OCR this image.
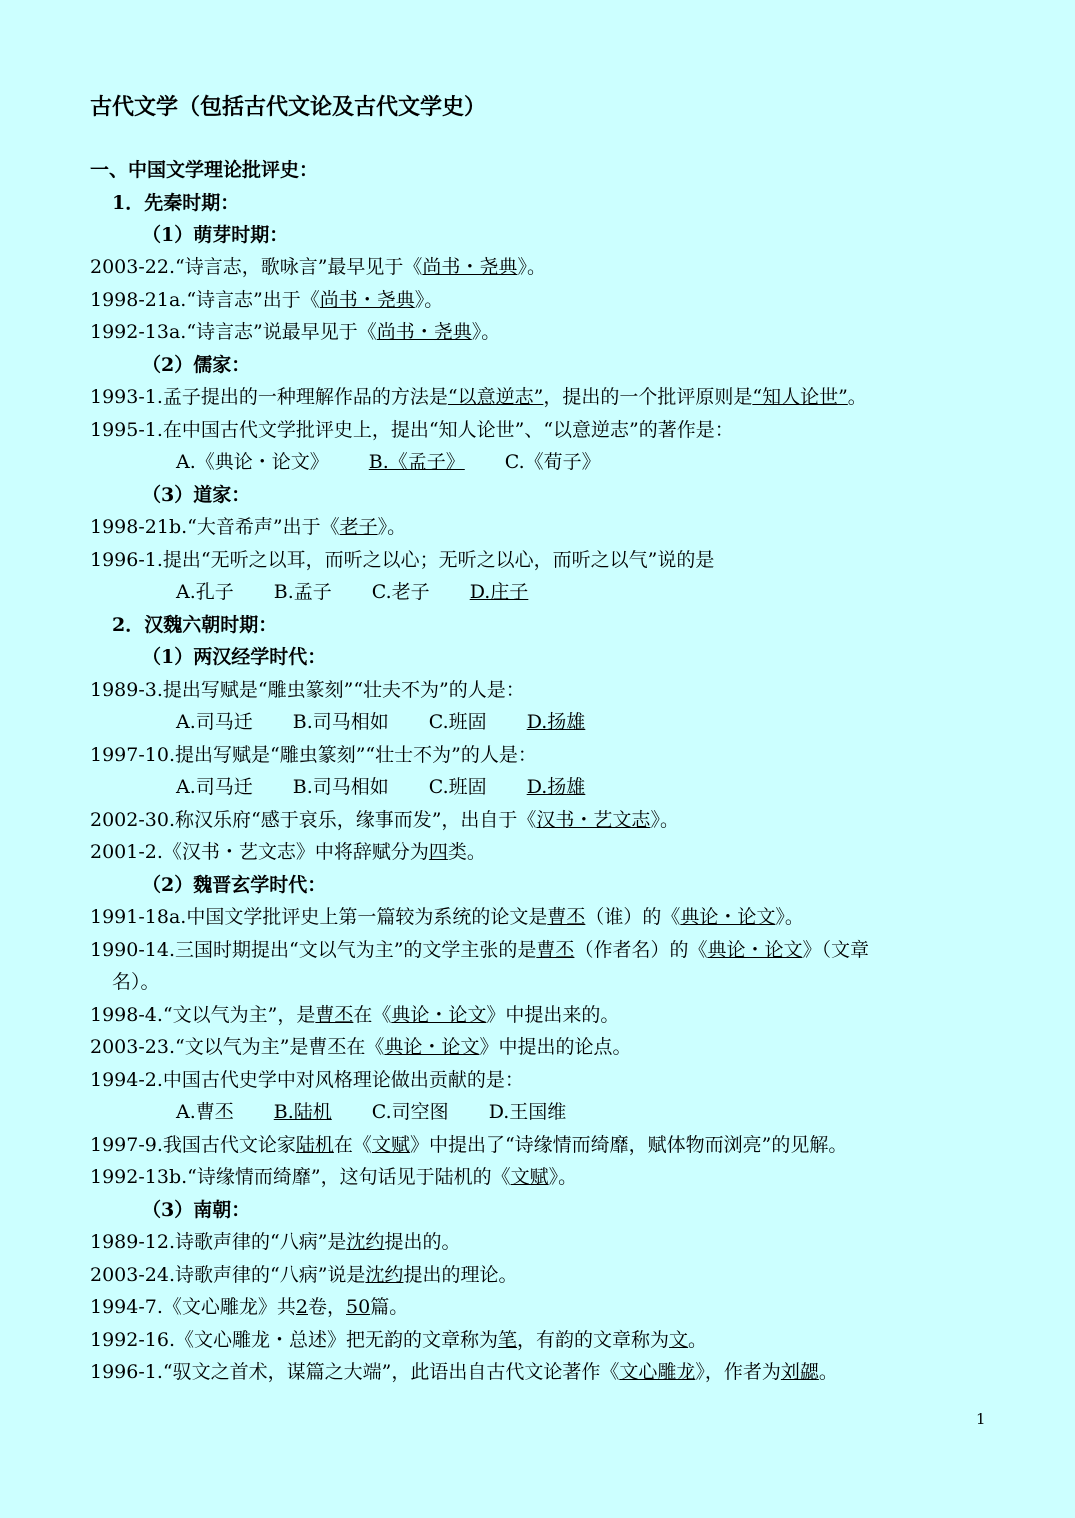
古代文学（包括古代文论及古代文学史）
一、中国文学理论批评史：
1．先秦时期：
（1）萌芽时期：
2003-22.“诗言志，歌咏言”最早见于《尚书・尧典》。
1998-21a.“诗言志”出于《尚书・尧典》。
1992-13a.“诗言志”说最早见于《尚书・尧典》。
（2）儒家：
1993-1.孟子提出的一种理解作品的方法是“以意逆志”，提出的一个批评原则是“知人论世”。
1995-1.在中国古代文学批评史上，提出“知人论世”、“以意逆志”的著作是：
A.《典论・论文》 B.《孟子》 C.《荀子》
（3）道家：
1998-21b.“大音希声”出于《老子》。
1996-1.提出“无听之以耳，而听之以心；无听之以心，而听之以气”说的是
A.孔子 B.孟子 C.老子 D.庄子
2．汉魏六朝时期：
（1）两汉经学时代：
1989-3.提出写赋是“雕虫篆刻”“壮夫不为”的人是：
A.司马迁 B.司马相如 C.班固 D.扬雄
1997-10.提出写赋是“雕虫篆刻”“壮士不为”的人是：
A.司马迁 B.司马相如 C.班固 D.扬雄
2002-30.称汉乐府“感于哀乐，缘事而发”，出自于《汉书・艺文志》。
2001-2.《汉书・艺文志》中将辞赋分为四类。
（2）魏晋玄学时代：
1991-18a.中国文学批评史上第一篇较为系统的论文是曹丕（谁）的《典论・论文》。
1990-14.三国时期提出“文以气为主”的文学主张的是曹丕（作者名）的《典论・论文》（文章
名）。
1998-4.“文以气为主”，是曹丕在《典论・论文》中提出来的。
2003-23.“文以气为主”是曹丕在《典论・论文》中提出的论点。
1994-2.中国古代史学中对风格理论做出贡献的是：
A.曹丕 B.陆机 C.司空图 D.王国维
1997-9.我国古代文论家陆机在《文赋》中提出了“诗缘情而绮靡，赋体物而浏亮”的见解。
1992-13b.“诗缘情而绮靡”，这句话见于陆机的《文赋》。
（3）南朝：
1989-12.诗歌声律的“八病”是沈约提出的。
2003-24.诗歌声律的“八病”说是沈约提出的理论。
1994-7.《文心雕龙》共2卷，50篇。
1992-16.《文心雕龙・总述》把无韵的文章称为笔，有韵的文章称为文。
1996-1.“驭文之首术，谋篇之大端”，此语出自古代文论著作《文心雕龙》，作者为刘勰。
1
